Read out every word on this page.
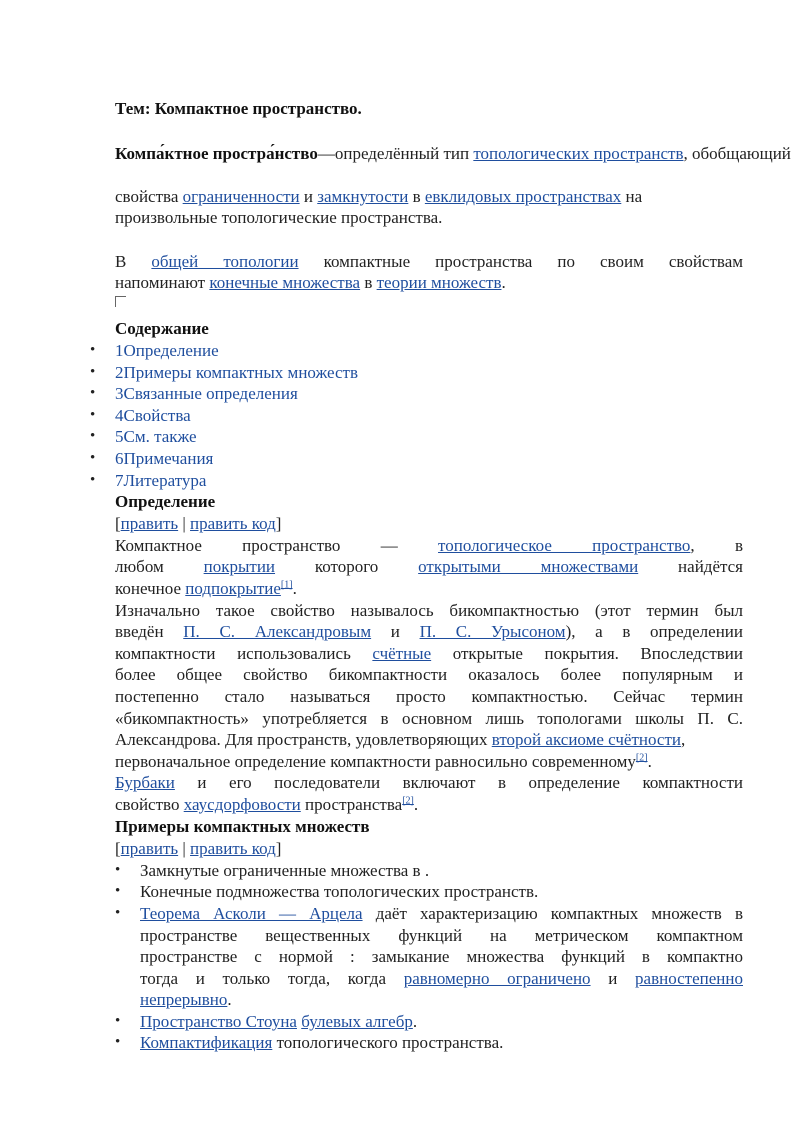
Тем: Компактное пространство.
Компа́ктное простра́нство—определённый тип топологических пространств, обобщающий
свойства ограниченности и замкнутости в евклидовых пространствах на
произвольные топологические пространства.
В общей топологии компактные пространства по своим свойствам
напоминают конечные множества в теории множеств.
Содержание
• 1Определение
• 2Примеры компактных множеств
• 3Связанные определения
• 4Свойства
• 5См. также
• 6Примечания
• 7Литература
Определение
[править | править код]
Компактное пространство — топологическое пространство, в
любом покрытии которого открытыми множествами найдётся
конечное подпокрытие[1].
Изначально такое свойство называлось бикомпактностью (этот термин был
введён П. С. Александровым и П. С. Урысоном), а в определении
компактности использовались счётные открытые покрытия. Впоследствии
более общее свойство бикомпактности оказалось более популярным и
постепенно стало называться просто компактностью. Сейчас термин
«бикомпактность» употребляется в основном лишь топологами школы П. С.
Александрова. Для пространств, удовлетворяющих второй аксиоме счётности,
первоначальное определение компактности равносильно современному[2].
Бурбаки и его последователи включают в определение компактности
свойство хаусдорфовости пространства[2].
Примеры компактных множеств
[править | править код]
• Замкнутые ограниченные множества в .
• Конечные подмножества топологических пространств.
• Теорема Асколи — Арцела даёт характеризацию компактных множеств в
пространстве вещественных функций на метрическом компактном
пространстве с нормой : замыкание множества функций в компактно
тогда и только тогда, когда равномерно ограничено и равностепенно
непрерывно.
• Пространство Стоуна булевых алгебр.
• Компактификация топологического пространства.
